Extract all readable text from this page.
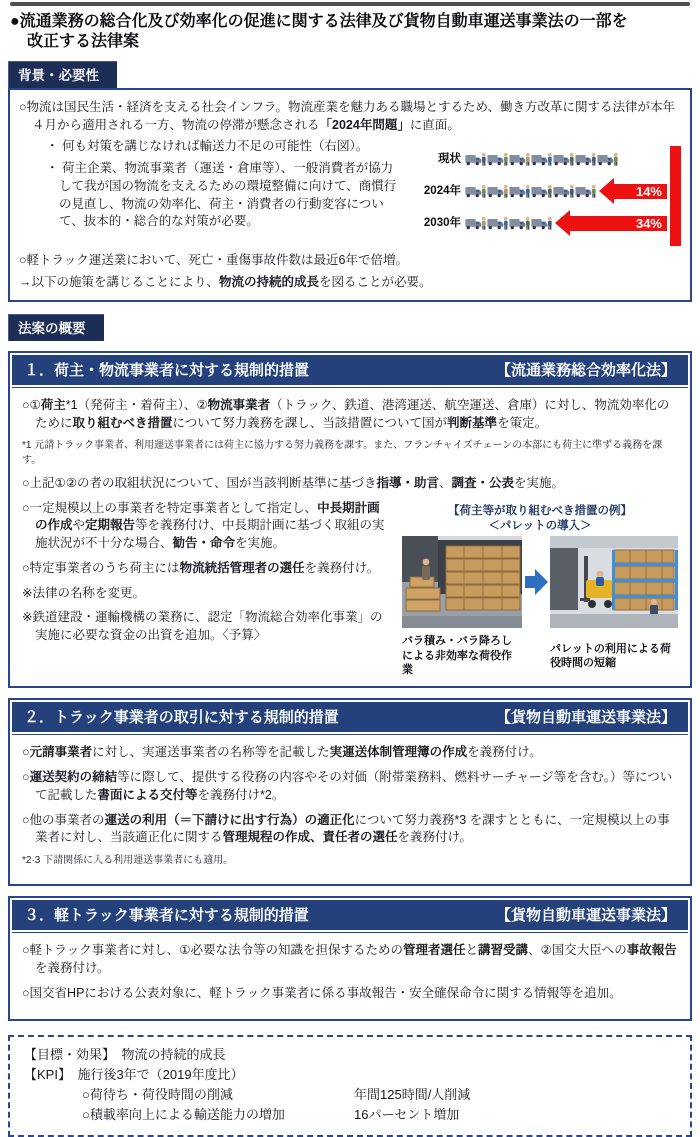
●流通業務の総合化及び効率化の促進に関する法律及び貨物自動車運送事業法の一部を
改正する法律案
背景・必要性

○物流は国民生活・経済を支える社会インフラ。物流産業を魅力ある職場とするため、働き方改革に関する法律が本年４月から適用される一方、物流の停滞が懸念される「2024年問題」に直面。

現状
2024年	14%
2030年	34%

・ 何も対策を講じなければ輸送力不足の可能性（右図）。

・ 荷主企業、物流事業者（運送・倉庫等）、一般消費者が協力して我が国の物流を支えるための環境整備に向けて、商慣行の見直し、物流の効率化、荷主・消費者の行動変容について、抜本的・総合的な対策が必要。

○軽トラック運送業において、死亡・重傷事故件数は最近6年で倍増。

→以下の施策を講じることにより、物流の持続的成長を図ることが必要。

法案の概要
１．荷主・物流事業者に対する規制的措置	【流通業務総合効率化法】

○①荷主*1（発荷主・着荷主）、②物流事業者（トラック、鉄道、港湾運送、航空運送、倉庫）に対し、物流効率化のために取り組むべき措置について努力義務を課し、当該措置について国が判断基準を策定。

*1 元請トラック事業者、利用運送事業者には荷主に協力する努力義務を課す。また、フランチャイズチェーンの本部にも荷主に準ずる義務を課す。

○上記①②の者の取組状況について、国が当該判断基準に基づき指導・助言、調査・公表を実施。

【荷主等が取り組むべき措置の例】
＜パレットの導入＞
バラ積み・バラ降ろしによる非効率な荷役作業
パレットの利用による荷役時間の短縮

○一定規模以上の事業者を特定事業者として指定し、中長期計画の作成や定期報告等を義務付け、中長期計画に基づく取組の実施状況が不十分な場合、勧告・命令を実施。

○特定事業者のうち荷主には物流統括管理者の選任を義務付け。

※法律の名称を変更。

※鉄道建設・運輸機構の業務に、認定「物流総合効率化事業」の実施に必要な資金の出資を追加。〈予算〉

２．トラック事業者の取引に対する規制的措置	【貨物自動車運送事業法】

○元請事業者に対し、実運送事業者の名称等を記載した実運送体制管理簿の作成を義務付け。

○運送契約の締結等に際して、提供する役務の内容やその対価（附帯業務料、燃料サーチャージ等を含む。）等について記載した書面による交付等を義務付け*2。

○他の事業者の運送の利用（＝下請けに出す行為）の適正化について努力義務*3 を課すとともに、一定規模以上の事業者に対し、当該適正化に関する管理規程の作成、責任者の選任を義務付け。

*2·3 下請関係に入る利用運送事業者にも適用。

３．軽トラック事業者に対する規制的措置	【貨物自動車運送事業法】

○軽トラック事業者に対し、①必要な法令等の知識を担保するための管理者選任と講習受講、②国交大臣への事故報告を義務付け。

○国交省HPにおける公表対象に、軽トラック事業者に係る事故報告・安全確保命令に関する情報等を追加。

【目標・効果】　物流の持続的成長
【KPI】　施行後3年で（2019年度比）
○荷待ち・荷役時間の削減	年間125時間/人削減
○積載率向上による輸送能力の増加	16パーセント増加
